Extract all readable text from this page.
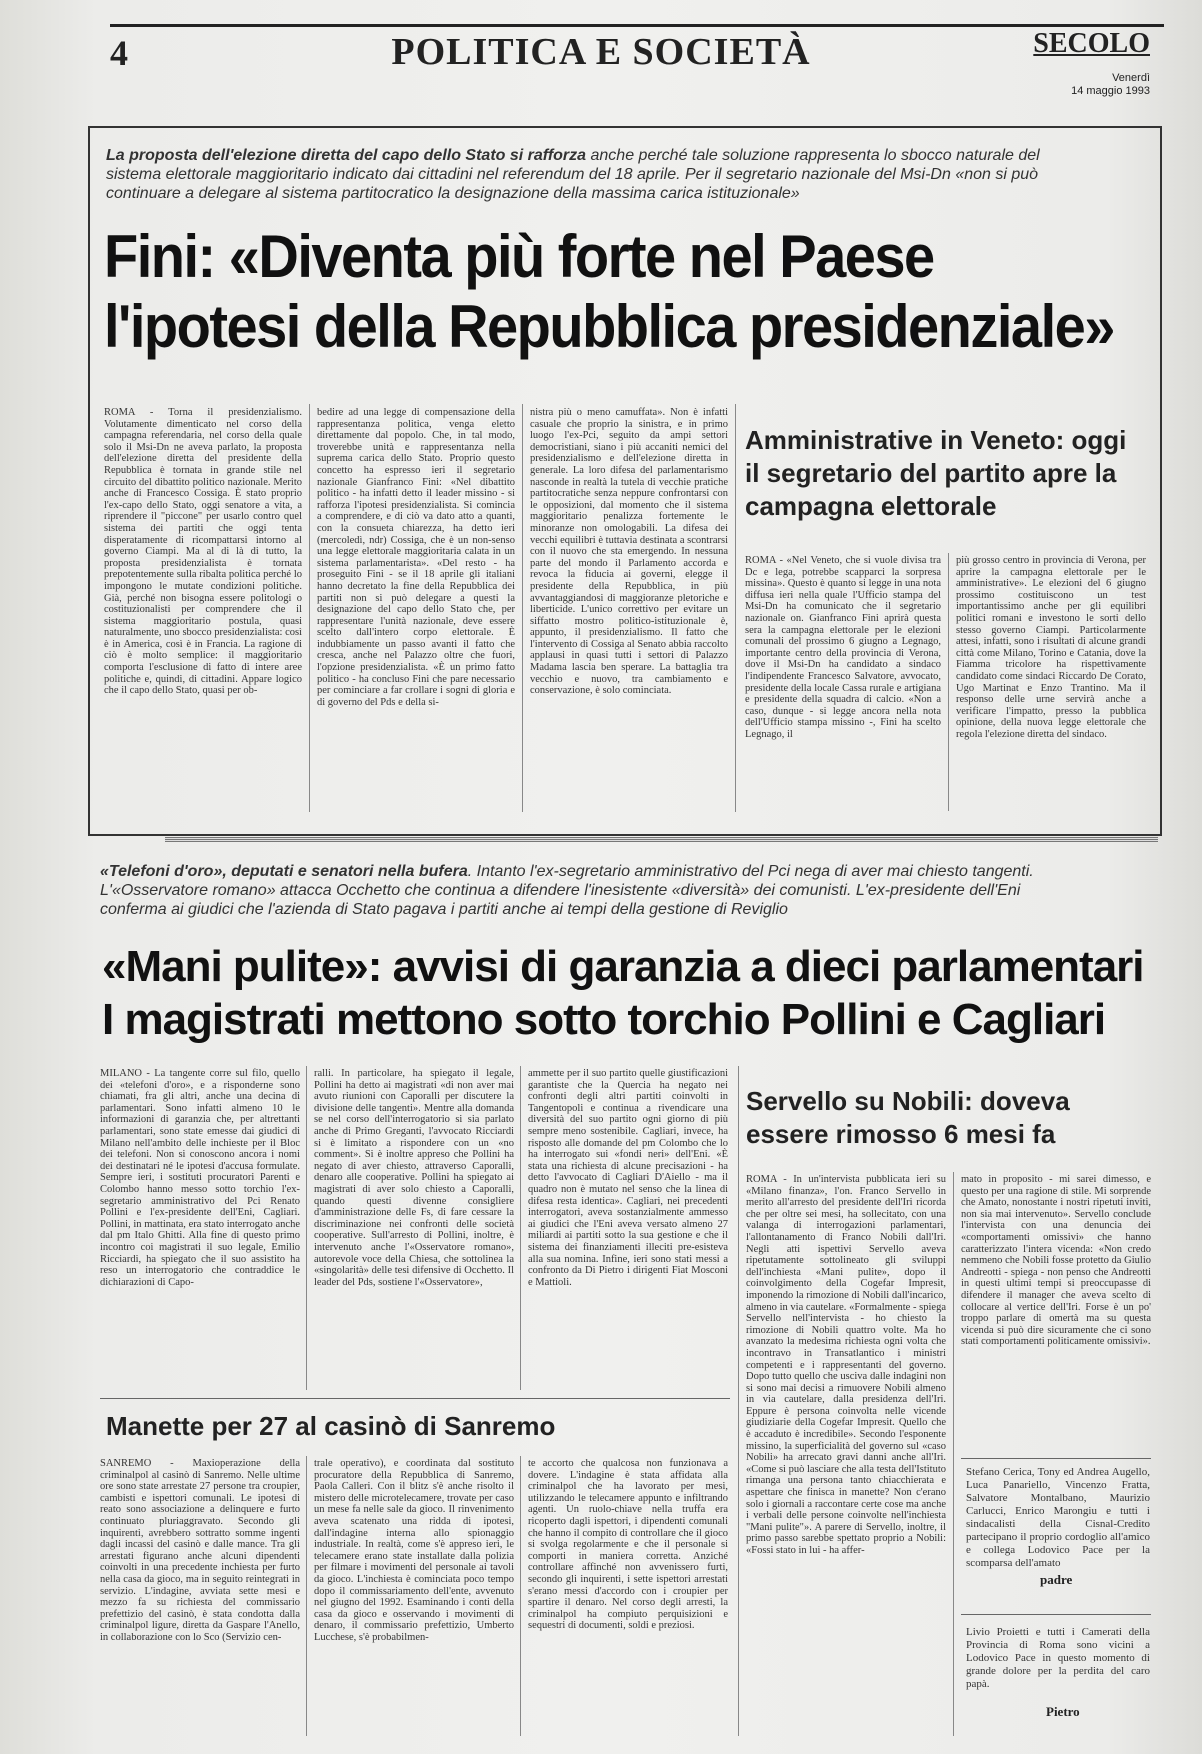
4	POLITICA E SOCIETÀ	SECOLO
Venerdì
14 maggio 1993
La proposta dell'elezione diretta del capo dello Stato si rafforza anche perché tale soluzione rappresenta lo sbocco naturale del sistema elettorale maggioritario indicato dai cittadini nel referendum del 18 aprile. Per il segretario nazionale del Msi-Dn «non si può continuare a delegare al sistema partitocratico la designazione della massima carica istituzionale»
Fini: «Diventa più forte nel Paese
l'ipotesi della Repubblica presidenziale»

ROMA - Torna il presidenzialismo. Volutamente dimenticato nel corso della campagna referendaria, nel corso della quale solo il Msi-Dn ne aveva parlato, la proposta dell'elezione diretta del presidente della Repubblica è tornata in grande stile nel circuito del dibattito politico nazionale. Merito anche di Francesco Cossiga. È stato proprio l'ex-capo dello Stato, oggi senatore a vita, a riprendere il "piccone" per usarlo contro quel sistema dei partiti che oggi tenta disperatamente di ricompattarsi intorno al governo Ciampi. Ma al di là di tutto, la proposta presidenzialista è tornata prepotentemente sulla ribalta politica perché lo impongono le mutate condizioni politiche. Già, perché non bisogna essere politologi o costituzionalisti per comprendere che il sistema maggioritario postula, quasi naturalmente, uno sbocco presidenzialista: così è in America, così è in Francia. La ragione di ciò è molto semplice: il maggioritario comporta l'esclusione di fatto di intere aree politiche e, quindi, di cittadini. Appare logico che il capo dello Stato, quasi per ob-

bedire ad una legge di compensazione della rappresentanza politica, venga eletto direttamente dal popolo. Che, in tal modo, troverebbe unità e rappresentanza nella suprema carica dello Stato. Proprio questo concetto ha espresso ieri il segretario nazionale Gianfranco Fini: «Nel dibattito politico - ha infatti detto il leader missino - si rafforza l'ipotesi presidenzialista. Si comincia a comprendere, e di ciò va dato atto a quanti, con la consueta chiarezza, ha detto ieri (mercoledì, ndr) Cossiga, che è un non-senso una legge elettorale maggioritaria calata in un sistema parlamentarista». «Del resto - ha proseguito Fini - se il 18 aprile gli italiani hanno decretato la fine della Repubblica dei partiti non si può delegare a questi la designazione del capo dello Stato che, per rappresentare l'unità nazionale, deve essere scelto dall'intero corpo elettorale. È indubbiamente un passo avanti il fatto che cresca, anche nel Palazzo oltre che fuori, l'opzione presidenzialista. «È un primo fatto politico - ha concluso Fini che pare necessario per cominciare a far crollare i sogni di gloria e di governo del Pds e della si-

nistra più o meno camuffata». Non è infatti casuale che proprio la sinistra, e in primo luogo l'ex-Pci, seguito da ampi settori democristiani, siano i più accaniti nemici del presidenzialismo e dell'elezione diretta in generale. La loro difesa del parlamentarismo nasconde in realtà la tutela di vecchie pratiche partitocratiche senza neppure confrontarsi con le opposizioni, dal momento che il sistema maggioritario penalizza fortemente le minoranze non omologabili. La difesa dei vecchi equilibri è tuttavia destinata a scontrarsi con il nuovo che sta emergendo. In nessuna parte del mondo il Parlamento accorda e revoca la fiducia ai governi, elegge il presidente della Repubblica, in più avvantaggiandosi di maggioranze pletoriche e liberticide. L'unico correttivo per evitare un siffatto mostro politico-istituzionale è, appunto, il presidenzialismo. Il fatto che l'intervento di Cossiga al Senato abbia raccolto applausi in quasi tutti i settori di Palazzo Madama lascia ben sperare. La battaglia tra vecchio e nuovo, tra cambiamento e conservazione, è solo cominciata.

Amministrative in Veneto: oggi il segretario del partito apre la campagna elettorale

ROMA - «Nel Veneto, che si vuole divisa tra Dc e lega, potrebbe scapparci la sorpresa missina». Questo è quanto si legge in una nota diffusa ieri nella quale l'Ufficio stampa del Msi-Dn ha comunicato che il segretario nazionale on. Gianfranco Fini aprirà questa sera la campagna elettorale per le elezioni comunali del prossimo 6 giugno a Legnago, importante centro della provincia di Verona, dove il Msi-Dn ha candidato a sindaco l'indipendente Francesco Salvatore, avvocato, presidente della locale Cassa rurale e artigiana e presidente della squadra di calcio. «Non a caso, dunque - si legge ancora nella nota dell'Ufficio stampa missino -, Fini ha scelto Legnago, il

più grosso centro in provincia di Verona, per aprire la campagna elettorale per le amministrative». Le elezioni del 6 giugno prossimo costituiscono un test importantissimo anche per gli equilibri politici romani e investono le sorti dello stesso governo Ciampi. Particolarmente attesi, infatti, sono i risultati di alcune grandi città come Milano, Torino e Catania, dove la Fiamma tricolore ha rispettivamente candidato come sindaci Riccardo De Corato, Ugo Martinat e Enzo Trantino. Ma il responso delle urne servirà anche a verificare l'impatto, presso la pubblica opinione, della nuova legge elettorale che regola l'elezione diretta del sindaco.

«Telefoni d'oro», deputati e senatori nella bufera. Intanto l'ex-segretario amministrativo del Pci nega di aver mai chiesto tangenti. L'«Osservatore romano» attacca Occhetto che continua a difendere l'inesistente «diversità» dei comunisti. L'ex-presidente dell'Eni conferma ai giudici che l'azienda di Stato pagava i partiti anche ai tempi della gestione di Reviglio
«Mani pulite»: avvisi di garanzia a dieci parlamentari
I magistrati mettono sotto torchio Pollini e Cagliari

MILANO - La tangente corre sul filo, quello dei «telefoni d'oro», e a risponderne sono chiamati, fra gli altri, anche una decina di parlamentari. Sono infatti almeno 10 le informazioni di garanzia che, per altrettanti parlamentari, sono state emesse dai giudici di Milano nell'ambito delle inchieste per il Bloc dei telefoni. Non si conoscono ancora i nomi dei destinatari né le ipotesi d'accusa formulate. Sempre ieri, i sostituti procuratori Parenti e Colombo hanno messo sotto torchio l'ex-segretario amministrativo del Pci Renato Pollini e l'ex-presidente dell'Eni, Cagliari. Pollini, in mattinata, era stato interrogato anche dal pm Italo Ghitti. Alla fine di questo primo incontro coi magistrati il suo legale, Emilio Ricciardi, ha spiegato che il suo assistito ha reso un interrogatorio che contraddice le dichiarazioni di Capo-

ralli. In particolare, ha spiegato il legale, Pollini ha detto ai magistrati «di non aver mai avuto riunioni con Caporalli per discutere la divisione delle tangenti». Mentre alla domanda se nel corso dell'interrogatorio si sia parlato anche di Primo Greganti, l'avvocato Ricciardi si è limitato a rispondere con un «no comment». Si è inoltre appreso che Pollini ha negato di aver chiesto, attraverso Caporalli, denaro alle cooperative. Pollini ha spiegato ai magistrati di aver solo chiesto a Caporalli, quando questi divenne consigliere d'amministrazione delle Fs, di fare cessare la discriminazione nei confronti delle società cooperative. Sull'arresto di Pollini, inoltre, è intervenuto anche l'«Osservatore romano», autorevole voce della Chiesa, che sottolinea la «singolarità» delle tesi difensive di Occhetto. Il leader del Pds, sostiene l'«Osservatore»,

ammette per il suo partito quelle giustificazioni garantiste che la Quercia ha negato nei confronti degli altri partiti coinvolti in Tangentopoli e continua a rivendicare una diversità del suo partito ogni giorno di più sempre meno sostenibile. Cagliari, invece, ha risposto alle domande del pm Colombo che lo ha interrogato sui «fondi neri» dell'Eni. «È stata una richiesta di alcune precisazioni - ha detto l'avvocato di Cagliari D'Aiello - ma il quadro non è mutato nel senso che la linea di difesa resta identica». Cagliari, nei precedenti interrogatori, aveva sostanzialmente ammesso ai giudici che l'Eni aveva versato almeno 27 miliardi ai partiti sotto la sua gestione e che il sistema dei finanziamenti illeciti pre-esisteva alla sua nomina. Infine, ieri sono stati messi a confronto da Di Pietro i dirigenti Fiat Mosconi e Mattioli.

Manette per 27 al casinò di Sanremo

SANREMO - Maxioperazione della criminalpol al casinò di Sanremo. Nelle ultime ore sono state arrestate 27 persone tra croupier, cambisti e ispettori comunali. Le ipotesi di reato sono associazione a delinquere e furto continuato pluriaggravato. Secondo gli inquirenti, avrebbero sottratto somme ingenti dagli incassi del casinò e dalle mance. Tra gli arrestati figurano anche alcuni dipendenti coinvolti in una precedente inchiesta per furto nella casa da gioco, ma in seguito reintegrati in servizio. L'indagine, avviata sette mesi e mezzo fa su richiesta del commissario prefettizio del casinò, è stata condotta dalla criminalpol ligure, diretta da Gaspare l'Anello, in collaborazione con lo Sco (Servizio cen-

trale operativo), e coordinata dal sostituto procuratore della Repubblica di Sanremo, Paola Calleri. Con il blitz s'è anche risolto il mistero delle microtelecamere, trovate per caso un mese fa nelle sale da gioco. Il rinvenimento aveva scatenato una ridda di ipotesi, dall'indagine interna allo spionaggio industriale. In realtà, come s'è appreso ieri, le telecamere erano state installate dalla polizia per filmare i movimenti del personale ai tavoli da gioco. L'inchiesta è cominciata poco tempo dopo il commissariamento dell'ente, avvenuto nel giugno del 1992. Esaminando i conti della casa da gioco e osservando i movimenti di denaro, il commissario prefettizio, Umberto Lucchese, s'è probabilmen-

te accorto che qualcosa non funzionava a dovere. L'indagine è stata affidata alla criminalpol che ha lavorato per mesi, utilizzando le telecamere appunto e infiltrando agenti. Un ruolo-chiave nella truffa era ricoperto dagli ispettori, i dipendenti comunali che hanno il compito di controllare che il gioco si svolga regolarmente e che il personale si comporti in maniera corretta. Anziché controllare affinché non avvenissero furti, secondo gli inquirenti, i sette ispettori arrestati s'erano messi d'accordo con i croupier per spartire il denaro. Nel corso degli arresti, la criminalpol ha compiuto perquisizioni e sequestri di documenti, soldi e preziosi.

Servello su Nobili: doveva essere rimosso 6 mesi fa

ROMA - In un'intervista pubblicata ieri su «Milano finanza», l'on. Franco Servello in merito all'arresto del presidente dell'Iri ricorda che per oltre sei mesi, ha sollecitato, con una valanga di interrogazioni parlamentari, l'allontanamento di Franco Nobili dall'Iri. Negli atti ispettivi Servello aveva ripetutamente sottolineato gli sviluppi dell'inchiesta «Mani pulite», dopo il coinvolgimento della Cogefar Impresit, imponendo la rimozione di Nobili dall'incarico, almeno in via cautelare. «Formalmente - spiega Servello nell'intervista - ho chiesto la rimozione di Nobili quattro volte. Ma ho avanzato la medesima richiesta ogni volta che incontravo in Transatlantico i ministri competenti e i rappresentanti del governo. Dopo tutto quello che usciva dalle indagini non si sono mai decisi a rimuovere Nobili almeno in via cautelare, dalla presidenza dell'Iri. Eppure è persona coinvolta nelle vicende giudiziarie della Cogefar Impresit. Quello che è accaduto è incredibile». Secondo l'esponente missino, la superficialità del governo sul «caso Nobili» ha arrecato gravi danni anche all'Iri. «Come si può lasciare che alla testa dell'Istituto rimanga una persona tanto chiacchierata e aspettare che finisca in manette? Non c'erano solo i giornali a raccontare certe cose ma anche i verbali delle persone coinvolte nell'inchiesta "Mani pulite"». A parere di Servello, inoltre, il primo passo sarebbe spettato proprio a Nobili: «Fossi stato in lui - ha affer-

mato in proposito - mi sarei dimesso, e questo per una ragione di stile. Mi sorprende che Amato, nonostante i nostri ripetuti inviti, non sia mai intervenuto». Servello conclude l'intervista con una denuncia dei «comportamenti omissivi» che hanno caratterizzato l'intera vicenda: «Non credo nemmeno che Nobili fosse protetto da Giulio Andreotti - spiega - non penso che Andreotti in questi ultimi tempi si preoccupasse di difendere il manager che aveva scelto di collocare al vertice dell'Iri. Forse è un po' troppo parlare di omertà ma su questa vicenda si può dire sicuramente che ci sono stati comportamenti politicamente omissivi».

Stefano Cerica, Tony ed Andrea Augello, Luca Panariello, Vincenzo Fratta, Salvatore Montalbano, Maurizio Carlucci, Enrico Marongiu e tutti i sindacalisti della Cisnal-Credito partecipano il proprio cordoglio all'amico e collega Lodovico Pace per la scomparsa dell'amato
padre
Livio Proietti e tutti i Camerati della Provincia di Roma sono vicini a Lodovico Pace in questo momento di grande dolore per la perdita del caro papà.
Pietro
